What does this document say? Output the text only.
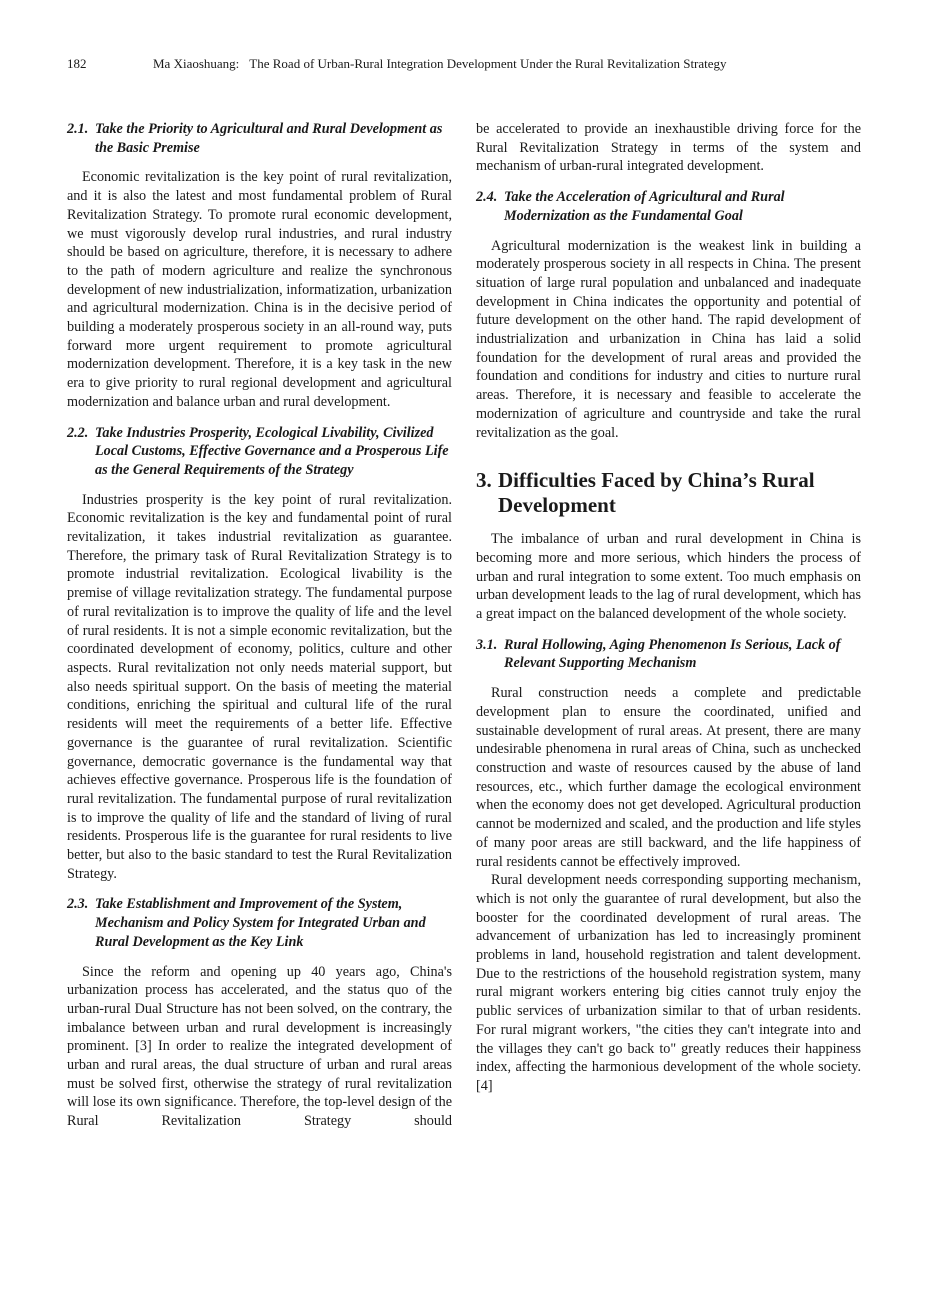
182	Ma Xiaoshuang: The Road of Urban-Rural Integration Development Under the Rural Revitalization Strategy
2.1. Take the Priority to Agricultural and Rural Development as the Basic Premise

Economic revitalization is the key point of rural revitalization, and it is also the latest and most fundamental problem of Rural Revitalization Strategy. To promote rural economic development, we must vigorously develop rural industries, and rural industry should be based on agriculture, therefore, it is necessary to adhere to the path of modern agriculture and realize the synchronous development of new industrialization, informatization, urbanization and agricultural modernization. China is in the decisive period of building a moderately prosperous society in an all-round way, puts forward more urgent requirement to promote agricultural modernization development. Therefore, it is a key task in the new era to give priority to rural regional development and agricultural modernization and balance urban and rural development.

2.2. Take Industries Prosperity, Ecological Livability, Civilized Local Customs, Effective Governance and a Prosperous Life as the General Requirements of the Strategy

Industries prosperity is the key point of rural revitalization. Economic revitalization is the key and fundamental point of rural revitalization, it takes industrial revitalization as guarantee. Therefore, the primary task of Rural Revitalization Strategy is to promote industrial revitalization. Ecological livability is the premise of village revitalization strategy. The fundamental purpose of rural revitalization is to improve the quality of life and the level of rural residents. It is not a simple economic revitalization, but the coordinated development of economy, politics, culture and other aspects. Rural revitalization not only needs material support, but also needs spiritual support. On the basis of meeting the material conditions, enriching the spiritual and cultural life of the rural residents will meet the requirements of a better life. Effective governance is the guarantee of rural revitalization. Scientific governance, democratic governance is the fundamental way that achieves effective governance. Prosperous life is the foundation of rural revitalization. The fundamental purpose of rural revitalization is to improve the quality of life and the standard of living of rural residents. Prosperous life is the guarantee for rural residents to live better, but also to the basic standard to test the Rural Revitalization Strategy.

2.3. Take Establishment and Improvement of the System, Mechanism and Policy System for Integrated Urban and Rural Development as the Key Link

Since the reform and opening up 40 years ago, China's urbanization process has accelerated, and the status quo of the urban-rural Dual Structure has not been solved, on the contrary, the imbalance between urban and rural development is increasingly prominent. [3] In order to realize the integrated development of urban and rural areas, the dual structure of urban and rural areas must be solved first, otherwise the strategy of rural revitalization will lose its own significance. Therefore, the top-level design of the Rural Revitalization Strategy should

be accelerated to provide an inexhaustible driving force for the Rural Revitalization Strategy in terms of the system and mechanism of urban-rural integrated development.

2.4. Take the Acceleration of Agricultural and Rural Modernization as the Fundamental Goal

Agricultural modernization is the weakest link in building a moderately prosperous society in all respects in China. The present situation of large rural population and unbalanced and inadequate development in China indicates the opportunity and potential of future development on the other hand. The rapid development of industrialization and urbanization in China has laid a solid foundation for the development of rural areas and provided the foundation and conditions for industry and cities to nurture rural areas. Therefore, it is necessary and feasible to accelerate the modernization of agriculture and countryside and take the rural revitalization as the goal.

3. Difficulties Faced by China’s Rural Development

The imbalance of urban and rural development in China is becoming more and more serious, which hinders the process of urban and rural integration to some extent. Too much emphasis on urban development leads to the lag of rural development, which has a great impact on the balanced development of the whole society.

3.1. Rural Hollowing, Aging Phenomenon Is Serious, Lack of Relevant Supporting Mechanism

Rural construction needs a complete and predictable development plan to ensure the coordinated, unified and sustainable development of rural areas. At present, there are many undesirable phenomena in rural areas of China, such as unchecked construction and waste of resources caused by the abuse of land resources, etc., which further damage the ecological environment when the economy does not get developed. Agricultural production cannot be modernized and scaled, and the production and life styles of many poor areas are still backward, and the life happiness of rural residents cannot be effectively improved.

Rural development needs corresponding supporting mechanism, which is not only the guarantee of rural development, but also the booster for the coordinated development of rural areas. The advancement of urbanization has led to increasingly prominent problems in land, household registration and talent development. Due to the restrictions of the household registration system, many rural migrant workers entering big cities cannot truly enjoy the public services of urbanization similar to that of urban residents. For rural migrant workers, "the cities they can't integrate into and the villages they can't go back to" greatly reduces their happiness index, affecting the harmonious development of the whole society. [4]
